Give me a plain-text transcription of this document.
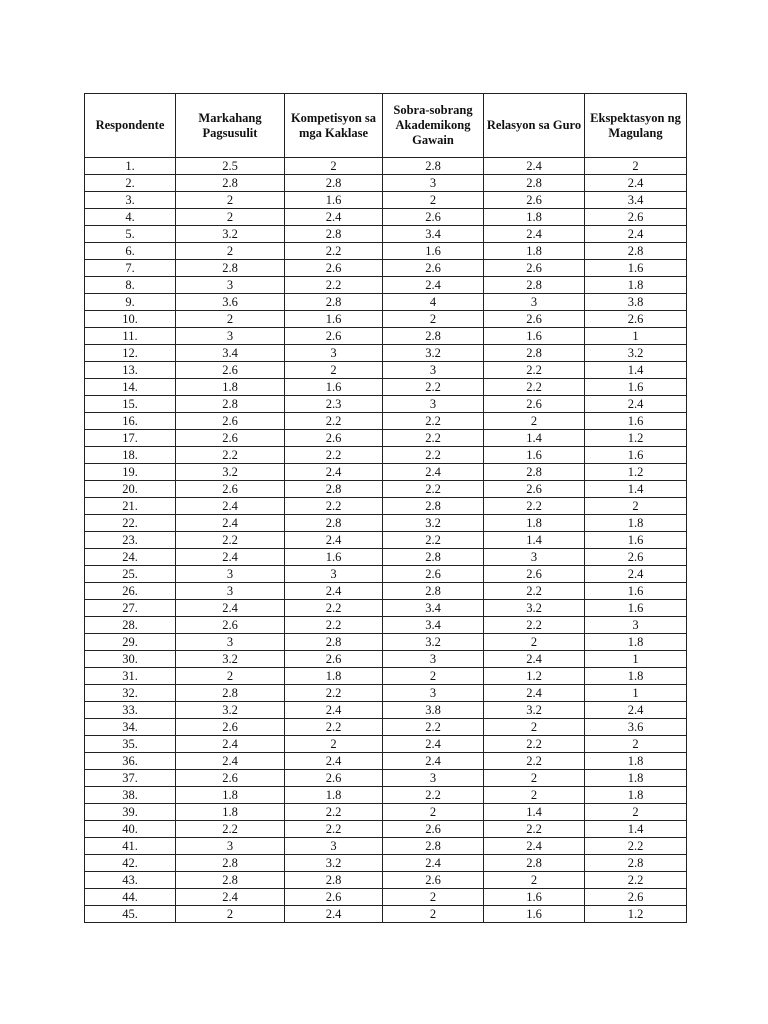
Respondente	Markahang Pagsusulit	Kompetisyon sa mga Kaklase	Sobra-sobrang Akademikong Gawain	Relasyon sa Guro	Ekspektasyon ng Magulang
1.	2.5	2	2.8	2.4	2
2.	2.8	2.8	3	2.8	2.4
3.	2	1.6	2	2.6	3.4
4.	2	2.4	2.6	1.8	2.6
5.	3.2	2.8	3.4	2.4	2.4
6.	2	2.2	1.6	1.8	2.8
7.	2.8	2.6	2.6	2.6	1.6
8.	3	2.2	2.4	2.8	1.8
9.	3.6	2.8	4	3	3.8
10.	2	1.6	2	2.6	2.6
11.	3	2.6	2.8	1.6	1
12.	3.4	3	3.2	2.8	3.2
13.	2.6	2	3	2.2	1.4
14.	1.8	1.6	2.2	2.2	1.6
15.	2.8	2.3	3	2.6	2.4
16.	2.6	2.2	2.2	2	1.6
17.	2.6	2.6	2.2	1.4	1.2
18.	2.2	2.2	2.2	1.6	1.6
19.	3.2	2.4	2.4	2.8	1.2
20.	2.6	2.8	2.2	2.6	1.4
21.	2.4	2.2	2.8	2.2	2
22.	2.4	2.8	3.2	1.8	1.8
23.	2.2	2.4	2.2	1.4	1.6
24.	2.4	1.6	2.8	3	2.6
25.	3	3	2.6	2.6	2.4
26.	3	2.4	2.8	2.2	1.6
27.	2.4	2.2	3.4	3.2	1.6
28.	2.6	2.2	3.4	2.2	3
29.	3	2.8	3.2	2	1.8
30.	3.2	2.6	3	2.4	1
31.	2	1.8	2	1.2	1.8
32.	2.8	2.2	3	2.4	1
33.	3.2	2.4	3.8	3.2	2.4
34.	2.6	2.2	2.2	2	3.6
35.	2.4	2	2.4	2.2	2
36.	2.4	2.4	2.4	2.2	1.8
37.	2.6	2.6	3	2	1.8
38.	1.8	1.8	2.2	2	1.8
39.	1.8	2.2	2	1.4	2
40.	2.2	2.2	2.6	2.2	1.4
41.	3	3	2.8	2.4	2.2
42.	2.8	3.2	2.4	2.8	2.8
43.	2.8	2.8	2.6	2	2.2
44.	2.4	2.6	2	1.6	2.6
45.	2	2.4	2	1.6	1.2
